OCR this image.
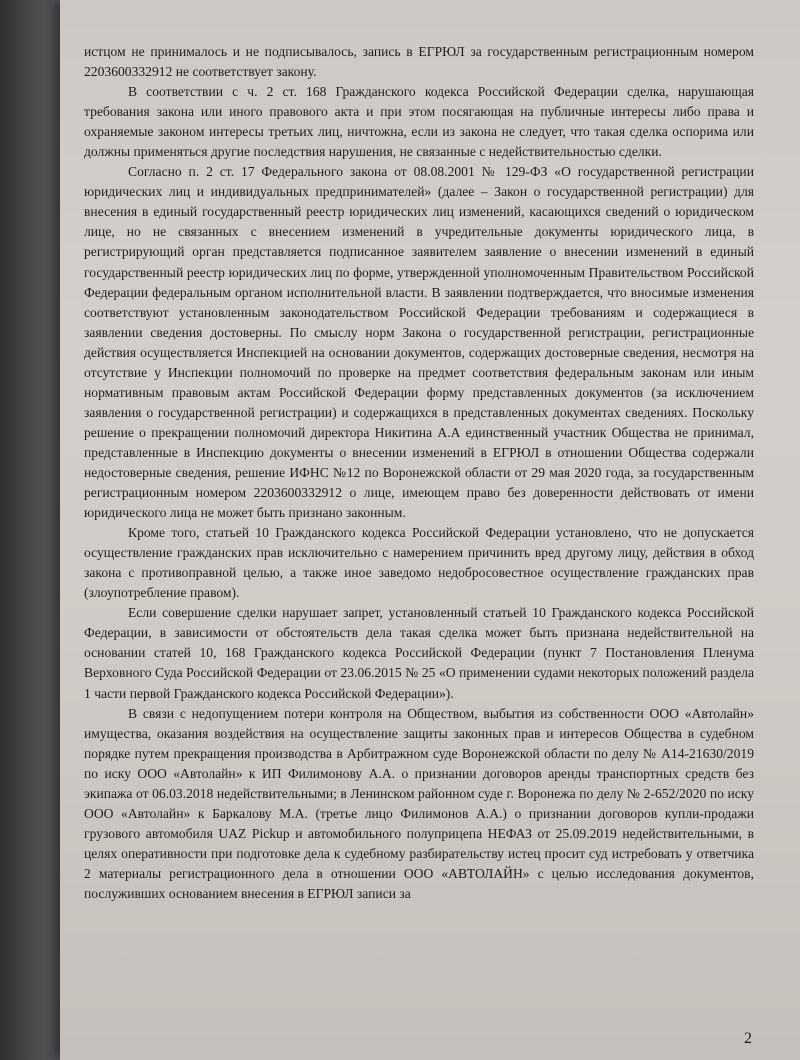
истцом не принималось и не подписывалось, запись в ЕГРЮЛ за государственным регистрационным номером 2203600332912 не соответствует закону.

В соответствии с ч. 2 ст. 168 Гражданского кодекса Российской Федерации сделка, нарушающая требования закона или иного правового акта и при этом посягающая на публичные интересы либо права и охраняемые законом интересы третьих лиц, ничтожна, если из закона не следует, что такая сделка оспорима или должны применяться другие последствия нарушения, не связанные с недействительностью сделки.

Согласно п. 2 ст. 17 Федерального закона от 08.08.2001 № 129-ФЗ «О государственной регистрации юридических лиц и индивидуальных предпринимателей» (далее – Закон о государственной регистрации) для внесения в единый государственный реестр юридических лиц изменений, касающихся сведений о юридическом лице, но не связанных с внесением изменений в учредительные документы юридического лица, в регистрирующий орган представляется подписанное заявителем заявление о внесении изменений в единый государственный реестр юридических лиц по форме, утвержденной уполномоченным Правительством Российской Федерации федеральным органом исполнительной власти. В заявлении подтверждается, что вносимые изменения соответствуют установленным законодательством Российской Федерации требованиям и содержащиеся в заявлении сведения достоверны. По смыслу норм Закона о государственной регистрации, регистрационные действия осуществляется Инспекцией на основании документов, содержащих достоверные сведения, несмотря на отсутствие у Инспекции полномочий по проверке на предмет соответствия федеральным законам или иным нормативным правовым актам Российской Федерации форму представленных документов (за исключением заявления о государственной регистрации) и содержащихся в представленных документах сведениях. Поскольку решение о прекращении полномочий директора Никитина А.А единственный участник Общества не принимал, представленные в Инспекцию документы о внесении изменений в ЕГРЮЛ в отношении Общества содержали недостоверные сведения, решение ИФНС №12 по Воронежской области от 29 мая 2020 года, за государственным регистрационным номером 2203600332912 о лице, имеющем право без доверенности действовать от имени юридического лица не может быть признано законным.

Кроме того, статьей 10 Гражданского кодекса Российской Федерации установлено, что не допускается осуществление гражданских прав исключительно с намерением причинить вред другому лицу, действия в обход закона с противоправной целью, а также иное заведомо недобросовестное осуществление гражданских прав (злоупотребление правом).

Если совершение сделки нарушает запрет, установленный статьей 10 Гражданского кодекса Российской Федерации, в зависимости от обстоятельств дела такая сделка может быть признана недействительной на основании статей 10, 168 Гражданского кодекса Российской Федерации (пункт 7 Постановления Пленума Верховного Суда Российской Федерации от 23.06.2015 № 25 «О применении судами некоторых положений раздела 1 части первой Гражданского кодекса Российской Федерации»).

В связи с недопущением потери контроля на Обществом, выбытия из собственности ООО «Автолайн» имущества, оказания воздействия на осуществление защиты законных прав и интересов Общества в судебном порядке путем прекращения производства в Арбитражном суде Воронежской области по делу № А14-21630/2019 по иску ООО «Автолайн» к ИП Филимонову А.А. о признании договоров аренды транспортных средств без экипажа от 06.03.2018 недействительными; в Ленинском районном суде г. Воронежа по делу № 2-652/2020 по иску ООО «Автолайн» к Баркалову М.А. (третье лицо Филимонов А.А.) о признании договоров купли-продажи грузового автомобиля UAZ Pickup и автомобильного полуприцепа НЕФАЗ от 25.09.2019 недействительными, в целях оперативности при подготовке дела к судебному разбирательству истец просит суд истребовать у ответчика 2 материалы регистрационного дела в отношении ООО «АВТОЛАЙН» с целью исследования документов, послуживших основанием внесения в ЕГРЮЛ записи за

2
